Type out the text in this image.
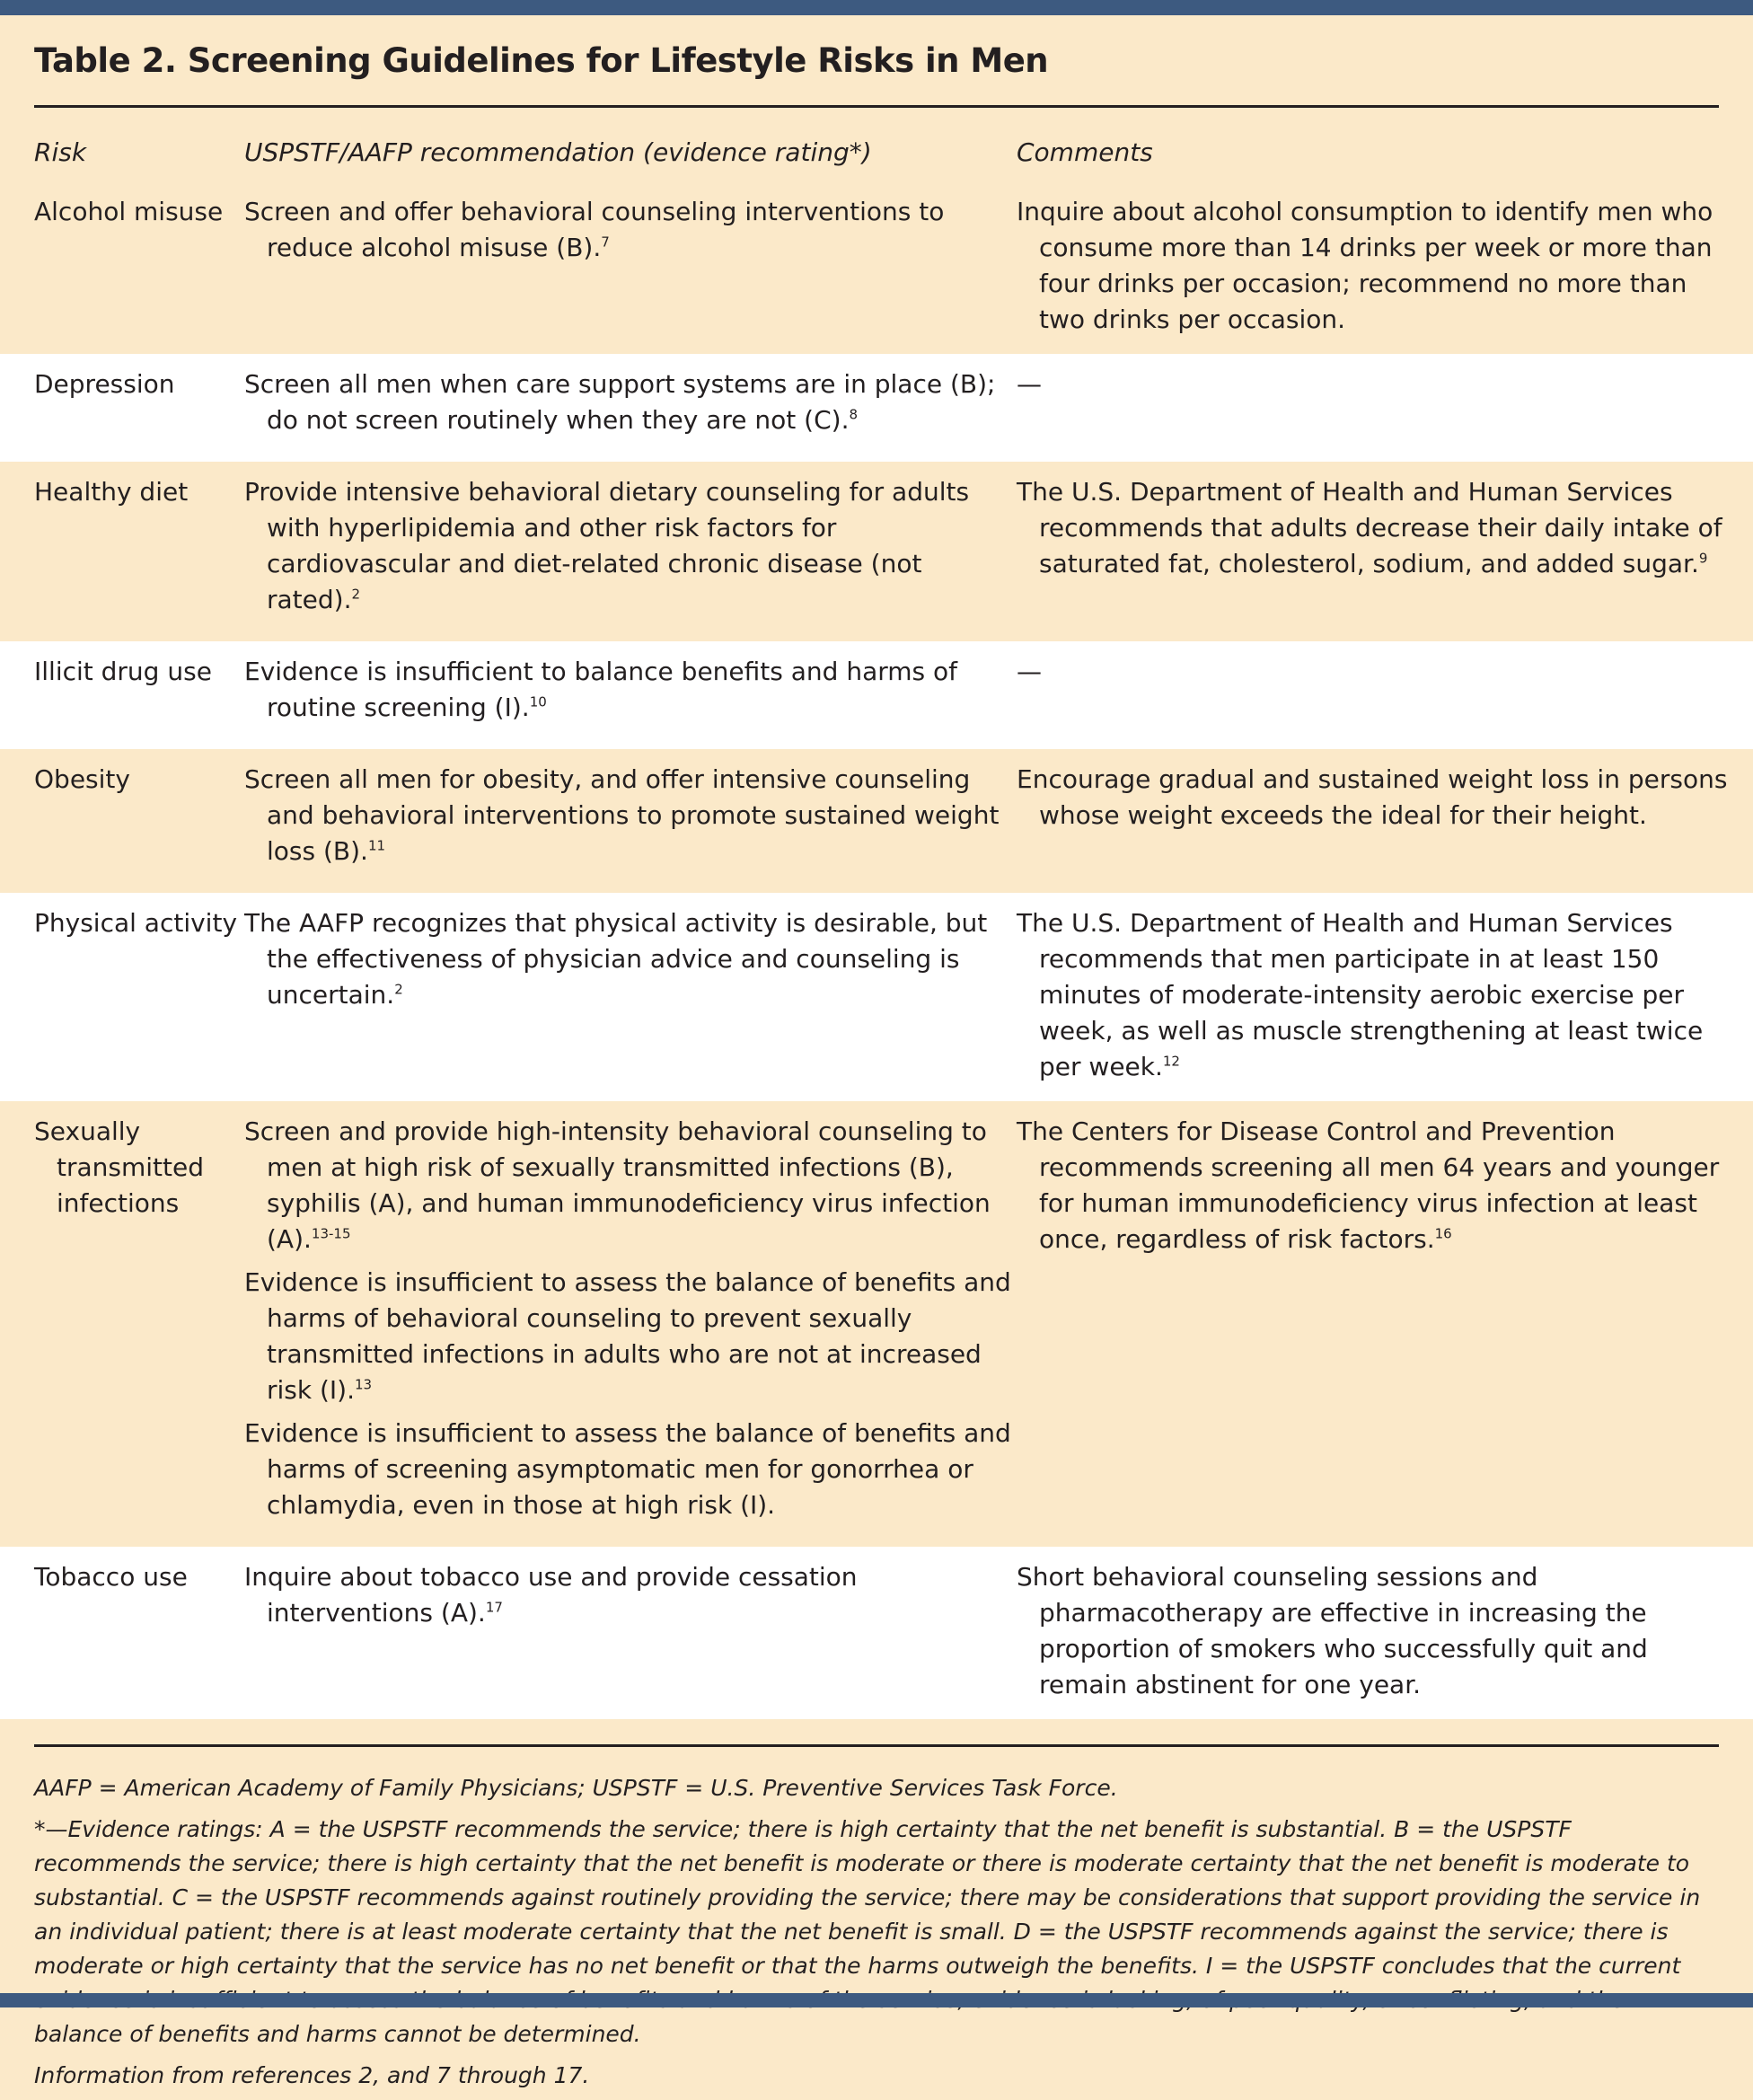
Table 2. Screening Guidelines for Lifestyle Risks in Men
Risk	USPSTF/AAFP recommendation (evidence rating*)	Comments

Alcohol misuse	Screen and offer behavioral counseling interventions to reduce alcohol misuse (B).$^7$	Inquire about alcohol consumption to identify men who consume more than 14 drinks per week or more than four drinks per occasion; recommend no more than two drinks per occasion.

Depression	Screen all men when care support systems are in place (B); do not screen routinely when they are not (C).$^8$	—

Healthy diet	Provide intensive behavioral dietary counseling for adults with hyperlipidemia and other risk factors for cardiovascular and diet-related chronic disease (not rated).$^2$	The U.S. Department of Health and Human Services recommends that adults decrease their daily intake of saturated fat, cholesterol, sodium, and added sugar.$^9$

Illicit drug use	Evidence is insufficient to balance benefits and harms of routine screening (I).$^{10}$	—

Obesity	Screen all men for obesity, and offer intensive counseling and behavioral interventions to promote sustained weight loss (B).$^{11}$	Encourage gradual and sustained weight loss in persons whose weight exceeds the ideal for their height.

Physical activity	The AAFP recognizes that physical activity is desirable, but the effectiveness of physician advice and counseling is uncertain.$^2$	The U.S. Department of Health and Human Services recommends that men participate in at least 150 minutes of moderate-intensity aerobic exercise per week, as well as muscle strengthening at least twice per week.$^{12}$

Sexually transmitted infections	Screen and provide high-intensity behavioral counseling to men at high risk of sexually transmitted infections (B), syphilis (A), and human immunodeficiency virus infection (A).$^{13-15}$
Evidence is insufficient to assess the balance of benefits and harms of behavioral counseling to prevent sexually transmitted infections in adults who are not at increased risk (I).$^{13}$
Evidence is insufficient to assess the balance of benefits and harms of screening asymptomatic men for gonorrhea or chlamydia, even in those at high risk (I).	The Centers for Disease Control and Prevention recommends screening all men 64 years and younger for human immunodeficiency virus infection at least once, regardless of risk factors.$^{16}$

Tobacco use	Inquire about tobacco use and provide cessation interventions (A).$^{17}$	Short behavioral counseling sessions and pharmacotherapy are effective in increasing the proportion of smokers who successfully quit and remain abstinent for one year.

AAFP = American Academy of Family Physicians; USPSTF = U.S. Preventive Services Task Force.

*—Evidence ratings: A = the USPSTF recommends the service; there is high certainty that the net benefit is substantial. B = the USPSTF recommends the service; there is high certainty that the net benefit is moderate or there is moderate certainty that the net benefit is moderate to substantial. C = the USPSTF recommends against routinely providing the service; there may be considerations that support providing the service in an individual patient; there is at least moderate certainty that the net benefit is small. D = the USPSTF recommends against the service; there is moderate or high certainty that the service has no net benefit or that the harms outweigh the benefits. I = the USPSTF concludes that the current balance of benefits and harms cannot be determined.

Information from references 2, and 7 through 17.
